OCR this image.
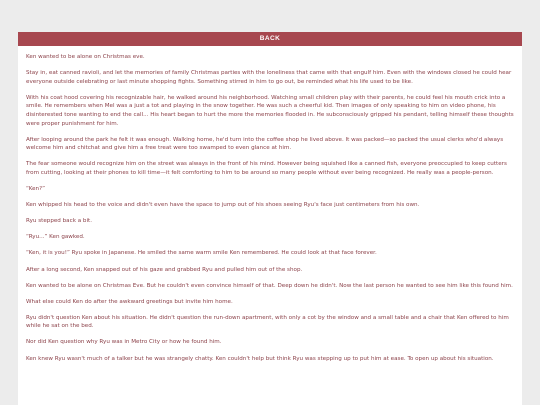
BACK

Ken wanted to be alone on Christmas eve.

Stay in, eat canned ravioli, and let the memories of family Christmas parties with the loneliness that came with that engulf him. Even with the windows closed he could hear everyone outside celebrating or last minute shopping fights. Something stirred in him to go out, be reminded what his life used to be like.

With his coat hood covering his recognizable hair, he walked around his neighborhood. Watching small children play with their parents, he could feel his mouth crick into a smile. He remembers when Mel was a just a tot and playing in the snow together. He was such a cheerful kid. Then images of only speaking to him on video phone, his disinterested tone wanting to end the call... His heart began to hurt the more the memories flooded in. He subconsciously gripped his pendant, telling himself these thoughts were proper punishment for him.

After looping around the park he felt it was enough. Walking home, he'd turn into the coffee shop he lived above. It was packed—so packed the usual clerks who'd always welcome him and chitchat and give him a free treat were too swamped to even glance at him.

The fear someone would recognize him on the street was always in the front of his mind. However being squished like a canned fish, everyone preoccupied to keep cutters from cutting, looking at their phones to kill time—it felt comforting to him to be around so many people without ever being recognized. He really was a people-person.

“Ken?”

Ken whipped his head to the voice and didn't even have the space to jump out of his shoes seeing Ryu's face just centimeters from his own.

Ryu stepped back a bit.

“Ryu...” Ken gawked.

“Ken, it is you!” Ryu spoke in Japanese. He smiled the same warm smile Ken remembered. He could look at that face forever.

After a long second, Ken snapped out of his gaze and grabbed Ryu and pulled him out of the shop.

Ken wanted to be alone on Christmas Eve. But he couldn't even convince himself of that. Deep down he didn't. Now the last person he wanted to see him like this found him.

What else could Ken do after the awkward greetings but invite him home.

Ryu didn't question Ken about his situation. He didn't question the run-down apartment, with only a cot by the window and a small table and a chair that Ken offered to him while he sat on the bed.

Nor did Ken question why Ryu was in Metro City or how he found him.

Ken knew Ryu wasn't much of a talker but he was strangely chatty. Ken couldn't help but think Ryu was stepping up to put him at ease. To open up about his situation.
